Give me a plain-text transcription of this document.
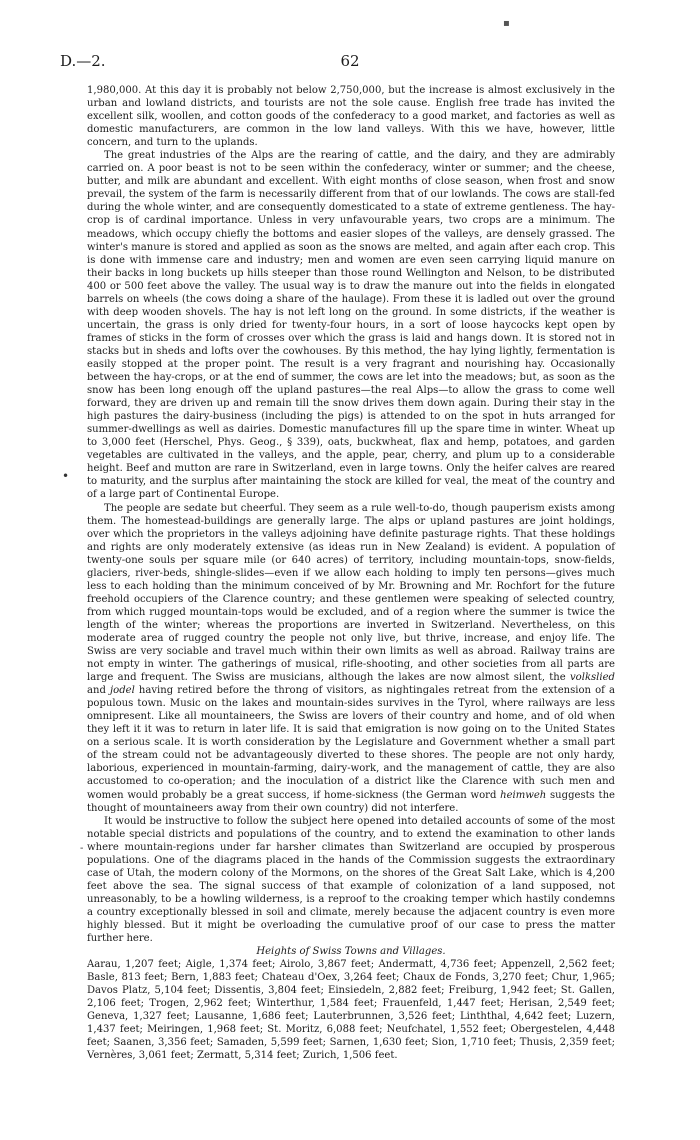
▪
D.—2.	62
•
-

1,980,000. At this day it is probably not below 2,750,000, but the increase is almost exclusively in the urban and lowland districts, and tourists are not the sole cause. English free trade has invited the excellent silk, woollen, and cotton goods of the confederacy to a good market, and factories as well as domestic manufacturers, are common in the low land valleys. With this we have, however, little concern, and turn to the uplands.

The great industries of the Alps are the rearing of cattle, and the dairy, and they are admirably carried on. A poor beast is not to be seen within the confederacy, winter or summer; and the cheese, butter, and milk are abundant and excellent. With eight months of close season, when frost and snow prevail, the system of the farm is necessarily different from that of our lowlands. The cows are stall-fed during the whole winter, and are consequently domesticated to a state of extreme gentleness. The hay-crop is of cardinal importance. Unless in very unfavourable years, two crops are a minimum. The meadows, which occupy chiefly the bottoms and easier slopes of the valleys, are densely grassed. The winter's manure is stored and applied as soon as the snows are melted, and again after each crop. This is done with immense care and industry; men and women are even seen carrying liquid manure on their backs in long buckets up hills steeper than those round Wellington and Nelson, to be distributed 400 or 500 feet above the valley. The usual way is to draw the manure out into the fields in elongated barrels on wheels (the cows doing a share of the haulage). From these it is ladled out over the ground with deep wooden shovels. The hay is not left long on the ground. In some districts, if the weather is uncertain, the grass is only dried for twenty-four hours, in a sort of loose haycocks kept open by frames of sticks in the form of crosses over which the grass is laid and hangs down. It is stored not in stacks but in sheds and lofts over the cowhouses. By this method, the hay lying lightly, fermentation is easily stopped at the proper point. The result is a very fragrant and nourishing hay. Occasionally between the hay-crops, or at the end of summer, the cows are let into the meadows; but, as soon as the snow has been long enough off the upland pastures—the real Alps—to allow the grass to come well forward, they are driven up and remain till the snow drives them down again. During their stay in the high pastures the dairy-business (including the pigs) is attended to on the spot in huts arranged for summer-dwellings as well as dairies. Domestic manufactures fill up the spare time in winter. Wheat up to 3,000 feet (Herschel, Phys. Geog., § 339), oats, buckwheat, flax and hemp, potatoes, and garden vegetables are cultivated in the valleys, and the apple, pear, cherry, and plum up to a considerable height. Beef and mutton are rare in Switzerland, even in large towns. Only the heifer calves are reared to maturity, and the surplus after maintaining the stock are killed for veal, the meat of the country and of a large part of Continental Europe.

The people are sedate but cheerful. They seem as a rule well-to-do, though pauperism exists among them. The homestead-buildings are generally large. The alps or upland pastures are joint holdings, over which the proprietors in the valleys adjoining have definite pasturage rights. That these holdings and rights are only moderately extensive (as ideas run in New Zealand) is evident. A population of twenty-one souls per square mile (or 640 acres) of territory, including mountain-tops, snow-fields, glaciers, river-beds, shingle-slides—even if we allow each holding to imply ten persons—gives much less to each holding than the minimum conceived of by Mr. Browning and Mr. Rochfort for the future freehold occupiers of the Clarence country; and these gentlemen were speaking of selected country, from which rugged mountain-tops would be excluded, and of a region where the summer is twice the length of the winter; whereas the proportions are inverted in Switzerland. Nevertheless, on this moderate area of rugged country the people not only live, but thrive, increase, and enjoy life. The Swiss are very sociable and travel much within their own limits as well as abroad. Railway trains are not empty in winter. The gatherings of musical, rifle-shooting, and other societies from all parts are large and frequent. The Swiss are musicians, although the lakes are now almost silent, the volkslied and jodel having retired before the throng of visitors, as nightingales retreat from the extension of a populous town. Music on the lakes and mountain-sides survives in the Tyrol, where railways are less omnipresent. Like all mountaineers, the Swiss are lovers of their country and home, and of old when they left it it was to return in later life. It is said that emigration is now going on to the United States on a serious scale. It is worth consideration by the Legislature and Government whether a small part of the stream could not be advantageously diverted to these shores. The people are not only hardy, laborious, experienced in mountain-farming, dairy-work, and the management of cattle, they are also accustomed to co-operation; and the inoculation of a district like the Clarence with such men and women would probably be a great success, if home-sickness (the German word heimweh suggests the thought of mountaineers away from their own country) did not interfere.

It would be instructive to follow the subject here opened into detailed accounts of some of the most notable special districts and populations of the country, and to extend the examination to other lands where mountain-regions under far harsher climates than Switzerland are occupied by prosperous populations. One of the diagrams placed in the hands of the Commission suggests the extraordinary case of Utah, the modern colony of the Mormons, on the shores of the Great Salt Lake, which is 4,200 feet above the sea. The signal success of that example of colonization of a land supposed, not unreasonably, to be a howling wilderness, is a reproof to the croaking temper which hastily condemns a country exceptionally blessed in soil and climate, merely because the adjacent country is even more highly blessed. But it might be overloading the cumulative proof of our case to press the matter further here.

Heights of Swiss Towns and Villages.

Aarau, 1,207 feet; Aigle, 1,374 feet; Airolo, 3,867 feet; Andermatt, 4,736 feet; Appenzell, 2,562 feet; Basle, 813 feet; Bern, 1,883 feet; Chateau d'Oex, 3,264 feet; Chaux de Fonds, 3,270 feet; Chur, 1,965; Davos Platz, 5,104 feet; Dissentis, 3,804 feet; Einsiedeln, 2,882 feet; Freiburg, 1,942 feet; St. Gallen, 2,106 feet; Trogen, 2,962 feet; Winterthur, 1,584 feet; Frauenfeld, 1,447 feet; Herisan, 2,549 feet; Geneva, 1,327 feet; Lausanne, 1,686 feet; Lauterbrunnen, 3,526 feet; Linththal, 4,642 feet; Luzern, 1,437 feet; Meiringen, 1,968 feet; St. Moritz, 6,088 feet; Neufchatel, 1,552 feet; Obergestelen, 4,448 feet; Saanen, 3,356 feet; Samaden, 5,599 feet; Sarnen, 1,630 feet; Sion, 1,710 feet; Thusis, 2,359 feet; Vernères, 3,061 feet; Zermatt, 5,314 feet; Zurich, 1,506 feet.
